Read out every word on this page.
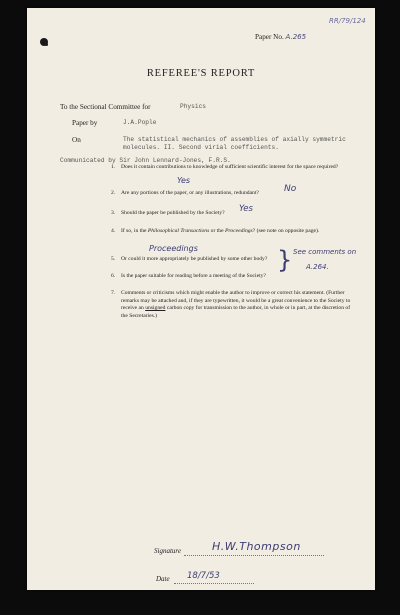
RR/79/124
Paper No. A.265
REFEREE'S REPORT
To the Sectional Committee for	Physics
Paper by	J.A.Pople
On	The statistical mechanics of assemblies of axially symmetric
molecules. II. Second virial coefficients.
Communicated by Sir John Lennard-Jones, F.R.S.
1. Does it contain contributions to knowledge of sufficient scientific interest for the space required?
Yes
2. Are any portions of the paper, or any illustrations, redundant?	No
3. Should the paper be published by the Society?	Yes
4. If so, in the Philosophical Transactions or the Proceedings? (see note on opposite page).
Proceedings
5. Or could it more appropriately be published by some other body?
6. Is the paper suitable for reading before a meeting of the Society?
} See comments on
A.264.
7. Comments or criticisms which might enable the author to improve or correct his statement. (Further remarks may be attached and, if they are typewritten, it would be a great convenience to the Society to receive an unsigned carbon copy for transmission to the author, in whole or in part, at the discretion of the Secretaries.)
Signature	H.W.Thompson
Date 18/7/53
